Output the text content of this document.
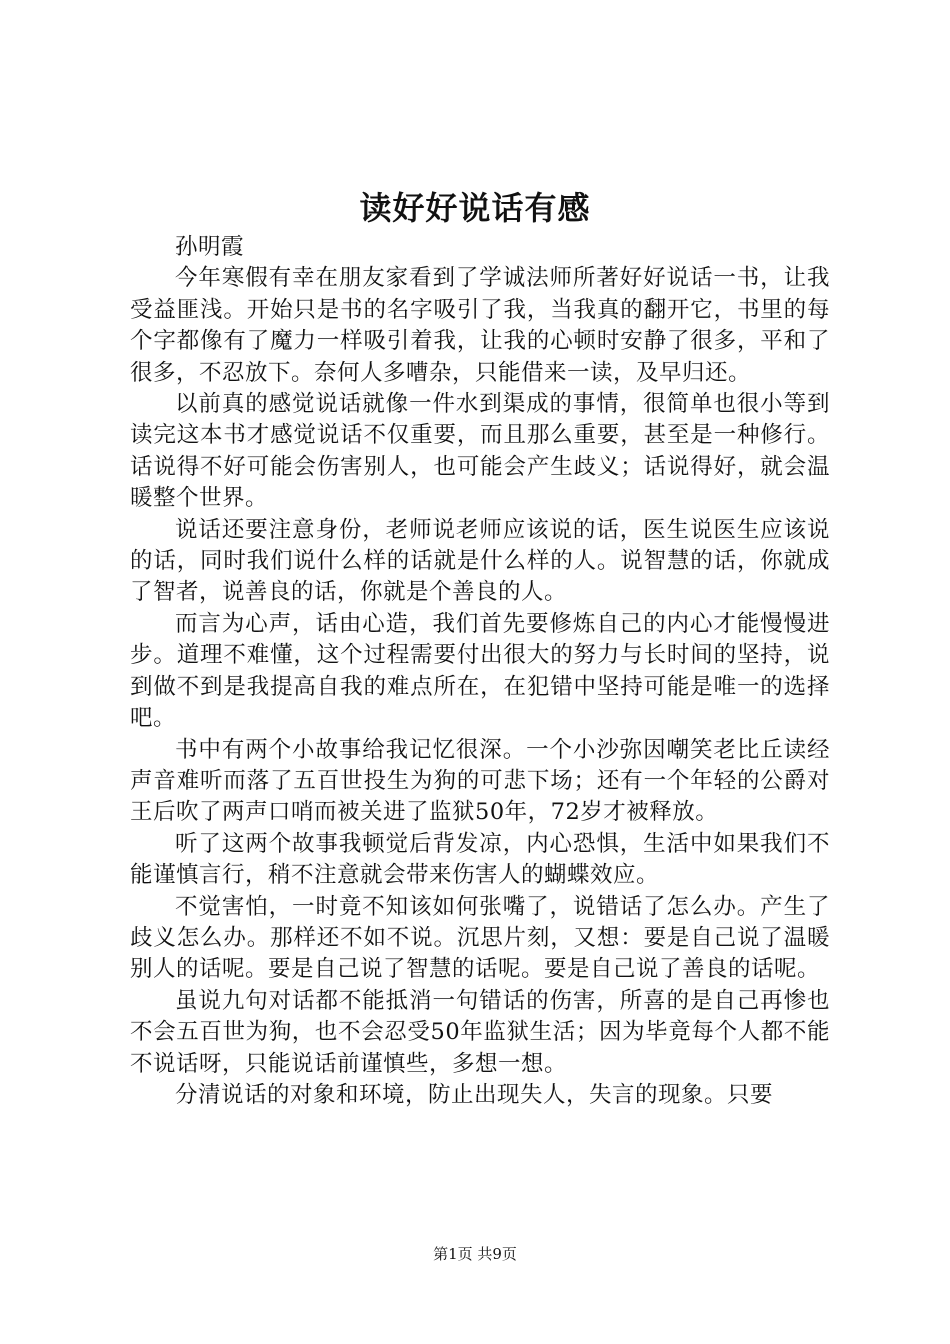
读好好说话有感

孙明霞

今年寒假有幸在朋友家看到了学诚法师所著好好说话一书，让我受益匪浅。开始只是书的名字吸引了我，当我真的翻开它，书里的每个字都像有了魔力一样吸引着我，让我的心顿时安静了很多，平和了很多，不忍放下。奈何人多嘈杂，只能借来一读，及早归还。

以前真的感觉说话就像一件水到渠成的事情，很简单也很小等到读完这本书才感觉说话不仅重要，而且那么重要，甚至是一种修行。话说得不好可能会伤害别人，也可能会产生歧义；话说得好，就会温暖整个世界。

说话还要注意身份，老师说老师应该说的话，医生说医生应该说的话，同时我们说什么样的话就是什么样的人。说智慧的话，你就成了智者，说善良的话，你就是个善良的人。

而言为心声，话由心造，我们首先要修炼自己的内心才能慢慢进步。道理不难懂，这个过程需要付出很大的努力与长时间的坚持，说到做不到是我提高自我的难点所在，在犯错中坚持可能是唯一的选择吧。

书中有两个小故事给我记忆很深。一个小沙弥因嘲笑老比丘读经声音难听而落了五百世投生为狗的可悲下场；还有一个年轻的公爵对王后吹了两声口哨而被关进了监狱50年，72岁才被释放。

听了这两个故事我顿觉后背发凉，内心恐惧，生活中如果我们不能谨慎言行，稍不注意就会带来伤害人的蝴蝶效应。

不觉害怕，一时竟不知该如何张嘴了，说错话了怎么办。产生了歧义怎么办。那样还不如不说。沉思片刻，又想：要是自己说了温暖别人的话呢。要是自己说了智慧的话呢。要是自己说了善良的话呢。

虽说九句对话都不能抵消一句错话的伤害，所喜的是自己再惨也不会五百世为狗，也不会忍受50年监狱生活；因为毕竟每个人都不能不说话呀，只能说话前谨慎些，多想一想。

分清说话的对象和环境，防止出现失人，失言的现象。只要

第1页 共9页
